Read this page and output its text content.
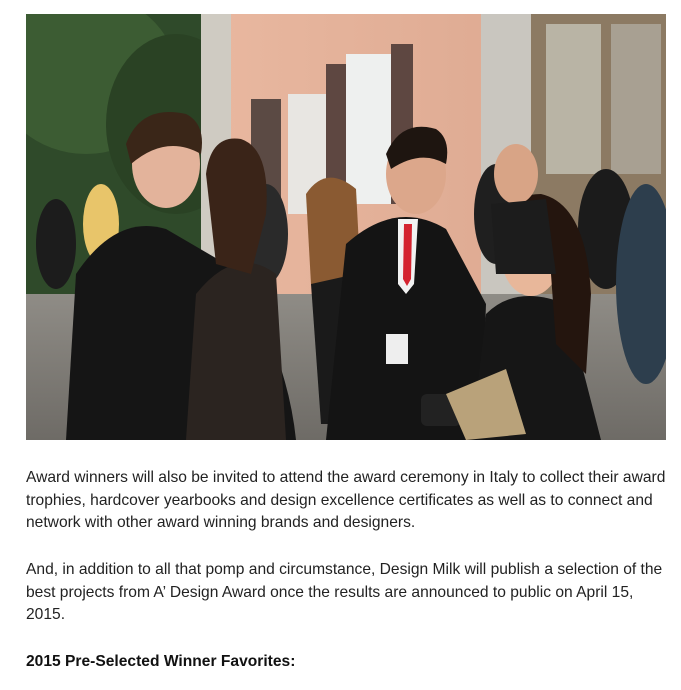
Award winners will also be invited to attend the award ceremony in Italy to collect their award trophies, hardcover yearbooks and design excellence certificates as well as to connect and network with other award winning brands and designers.

And, in addition to all that pomp and circumstance, Design Milk will publish a selection of the best projects from A’ Design Award once the results are announced to public on April 15, 2015.

2015 Pre-Selected Winner Favorites:
